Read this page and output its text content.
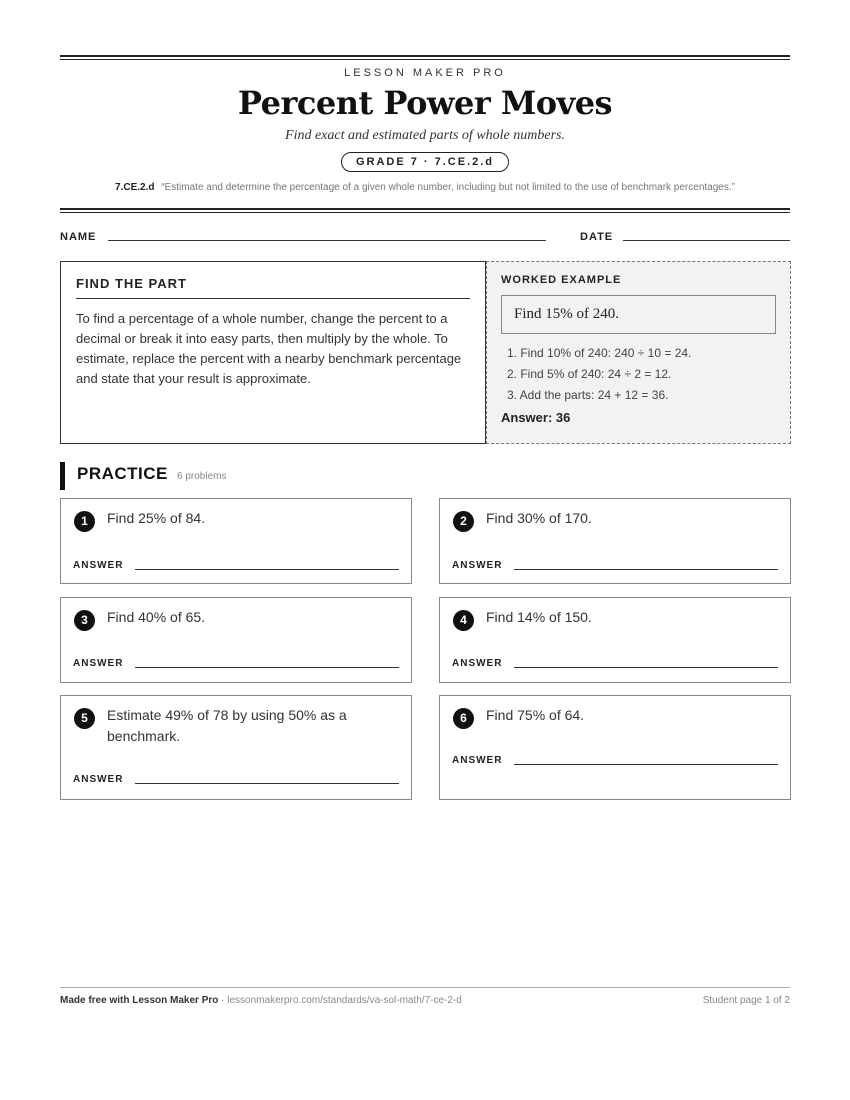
LESSON MAKER PRO
Percent Power Moves
Find exact and estimated parts of whole numbers.
GRADE 7 · 7.CE.2.d
7.CE.2.d “Estimate and determine the percentage of a given whole number, including but not limited to the use of benchmark percentages.”
NAME	DATE
FIND THE PART

To find a percentage of a whole number, change the percent to a decimal or break it into easy parts, then multiply by the whole. To estimate, replace the percent with a nearby benchmark percentage and state that your result is approximate.

WORKED EXAMPLE
Find 15% of 240.
1. Find 10% of 240: 240 ÷ 10 = 24.
2. Find 5% of 240: 24 ÷ 2 = 12.
3. Add the parts: 24 + 12 = 36.
Answer: 36
PRACTICE 6 problems
1	Find 25% of 84.
ANSWER
2	Find 30% of 170.
ANSWER
3	Find 40% of 65.
ANSWER
4	Find 14% of 150.
ANSWER
5	Estimate 49% of 78 by using 50% as a benchmark.
ANSWER
6	Find 75% of 64.
ANSWER
Made free with Lesson Maker Pro · lessonmakerpro.com/standards/va-sol-math/7-ce-2-d	Student page 1 of 2
